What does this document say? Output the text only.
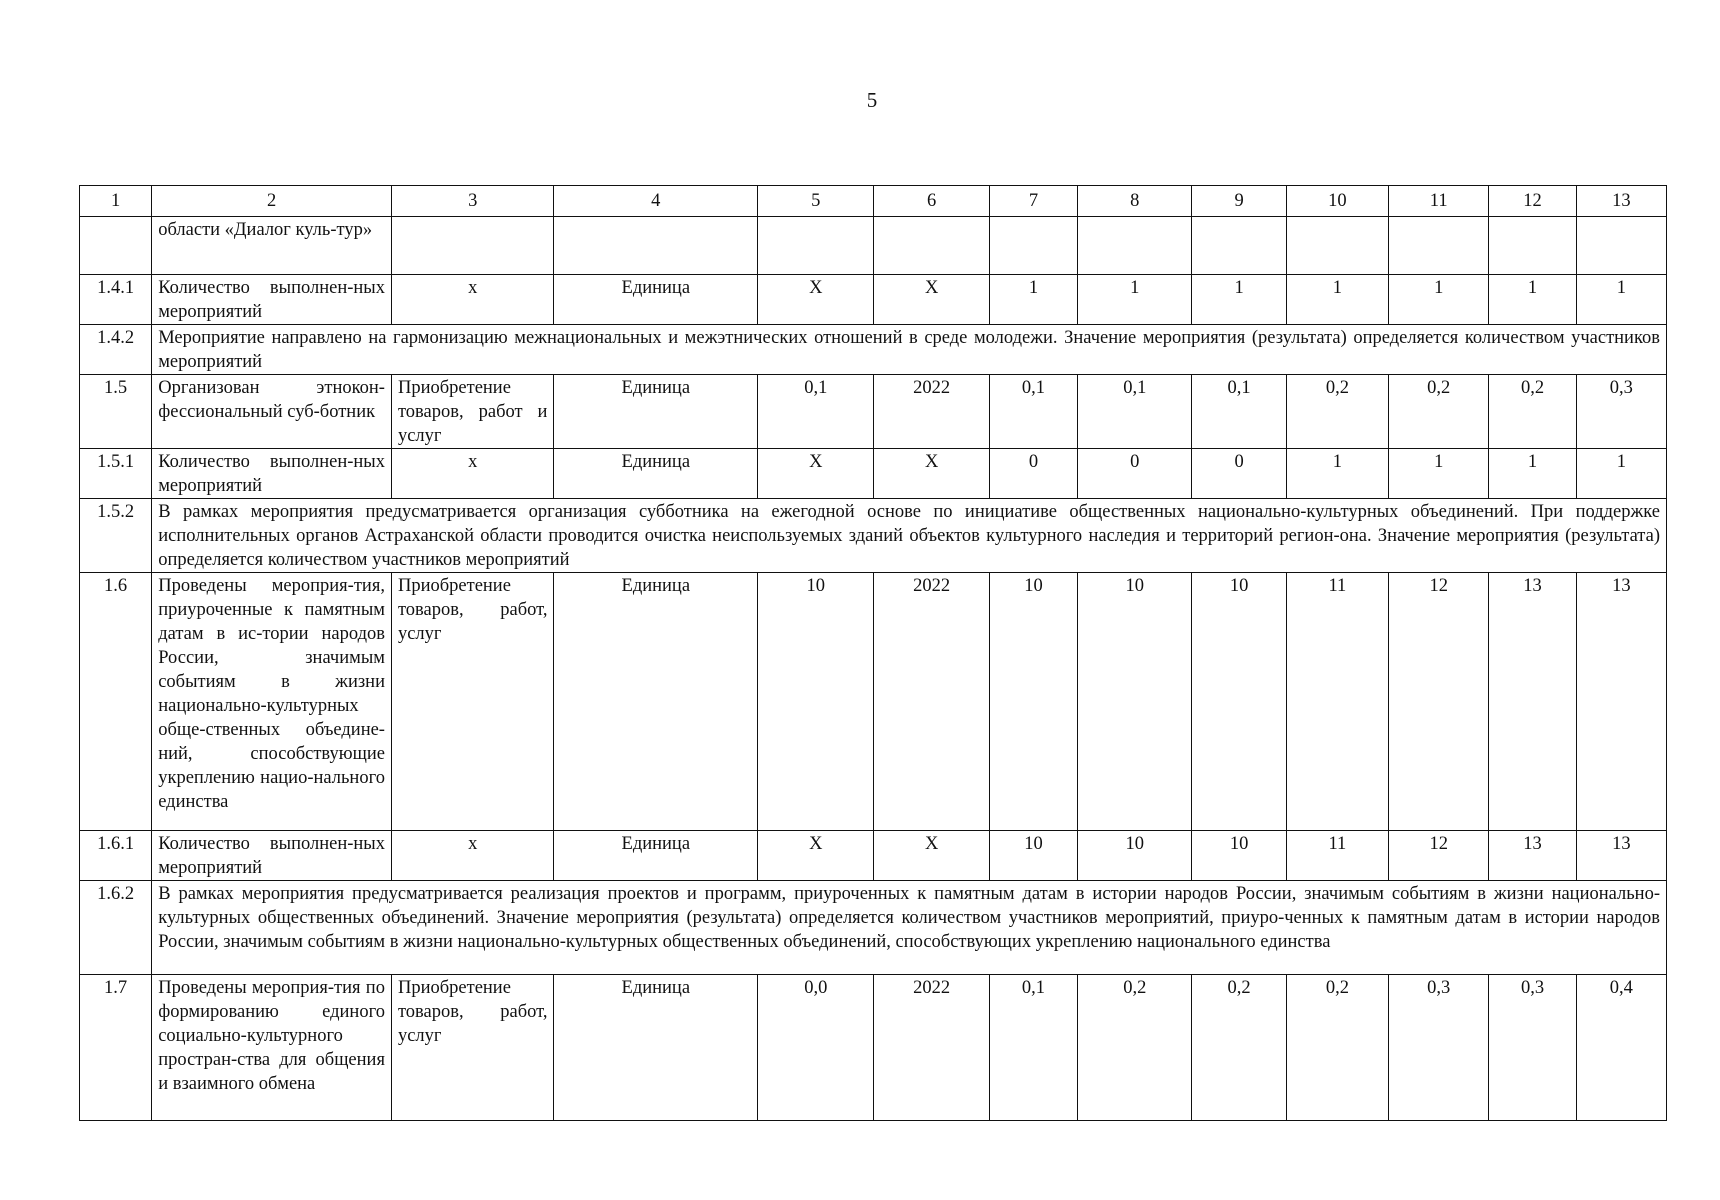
5
1	2	3	4	5	6	7	8	9	10	11	12	13
	области «Диалог куль-тур»											
1.4.1	Количество выполнен-ных мероприятий	х	Единица	Х	Х	1	1	1	1	1	1	1
1.4.2	Мероприятие направлено на гармонизацию межнациональных и межэтнических отношений в среде молодежи. Значение мероприятия (результата) определяется количеством участников мероприятий											
1.5	Организован этнокон-фессиональный суб-ботник	Приобретение товаров, работ и услуг	Единица	0,1	2022	0,1	0,1	0,1	0,2	0,2	0,2	0,3
1.5.1	Количество выполнен-ных мероприятий	х	Единица	Х	Х	0	0	0	1	1	1	1
1.5.2	В рамках мероприятия предусматривается организация субботника на ежегодной основе по инициативе общественных национально-культурных объединений. При поддержке исполнительных органов Астраханской области проводится очистка неиспользуемых зданий объектов культурного наследия и территорий регион-она. Значение мероприятия (результата) определяется количеством участников мероприятий											
1.6	Проведены мероприя-тия, приуроченные к памятным датам в ис-тории народов России, значимым событиям в жизни национально-культурных обще-ственных объедине-ний, способствующие укреплению нацио-нального единства	Приобретение товаров, работ, услуг	Единица	10	2022	10	10	10	11	12	13	13
1.6.1	Количество выполнен-ных мероприятий	х	Единица	Х	Х	10	10	10	11	12	13	13
1.6.2	В рамках мероприятия предусматривается реализация проектов и программ, приуроченных к памятным датам в истории народов России, значимым событиям в жизни национально-культурных общественных объединений. Значение мероприятия (результата) определяется количеством участников мероприятий, приуро-ченных к памятным датам в истории народов России, значимым событиям в жизни национально-культурных общественных объединений, способствующих укреплению национального единства											
1.7	Проведены мероприя-тия по формированию единого социально-культурного простран-ства для общения и взаимного обмена	Приобретение товаров, работ, услуг	Единица	0,0	2022	0,1	0,2	0,2	0,2	0,3	0,3	0,4
